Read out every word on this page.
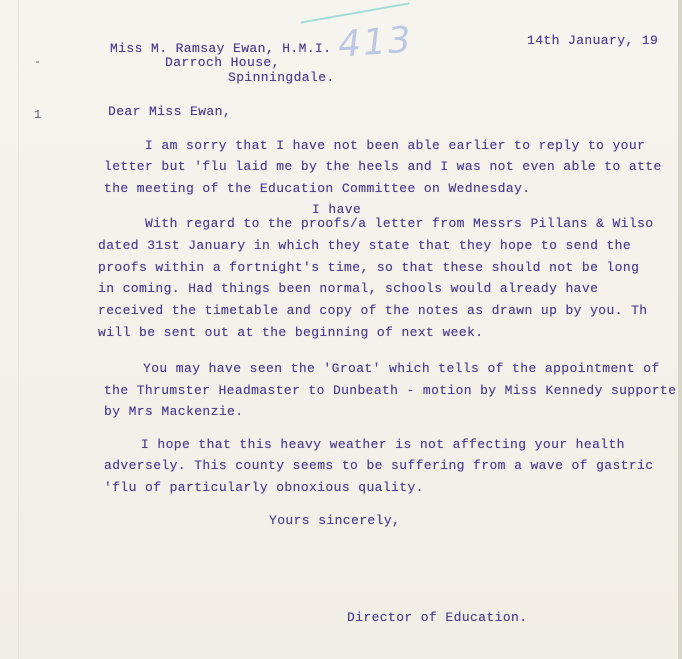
413	14th January, 19
Miss M. Ramsay Ewan, H.M.I.
Darroch House,
Spinningdale.
-
1	Dear Miss Ewan,
I am sorry that I have not been able earlier to reply to your
letter but 'flu laid me by the heels and I was not even able to atte
the meeting of the Education Committee on Wednesday.
I have
With regard to the proofs/a letter from Messrs Pillans & Wilso
dated 31st January in which they state that they hope to send the
proofs within a fortnight's time, so that these should not be long
in coming. Had things been normal, schools would already have
received the timetable and copy of the notes as drawn up by you. Th
will be sent out at the beginning of next week.
You may have seen the 'Groat' which tells of the appointment of
the Thrumster Headmaster to Dunbeath - motion by Miss Kennedy supporte
by Mrs Mackenzie.
I hope that this heavy weather is not affecting your health
adversely. This county seems to be suffering from a wave of gastric
'flu of particularly obnoxious quality.
Yours sincerely,
Director of Education.
